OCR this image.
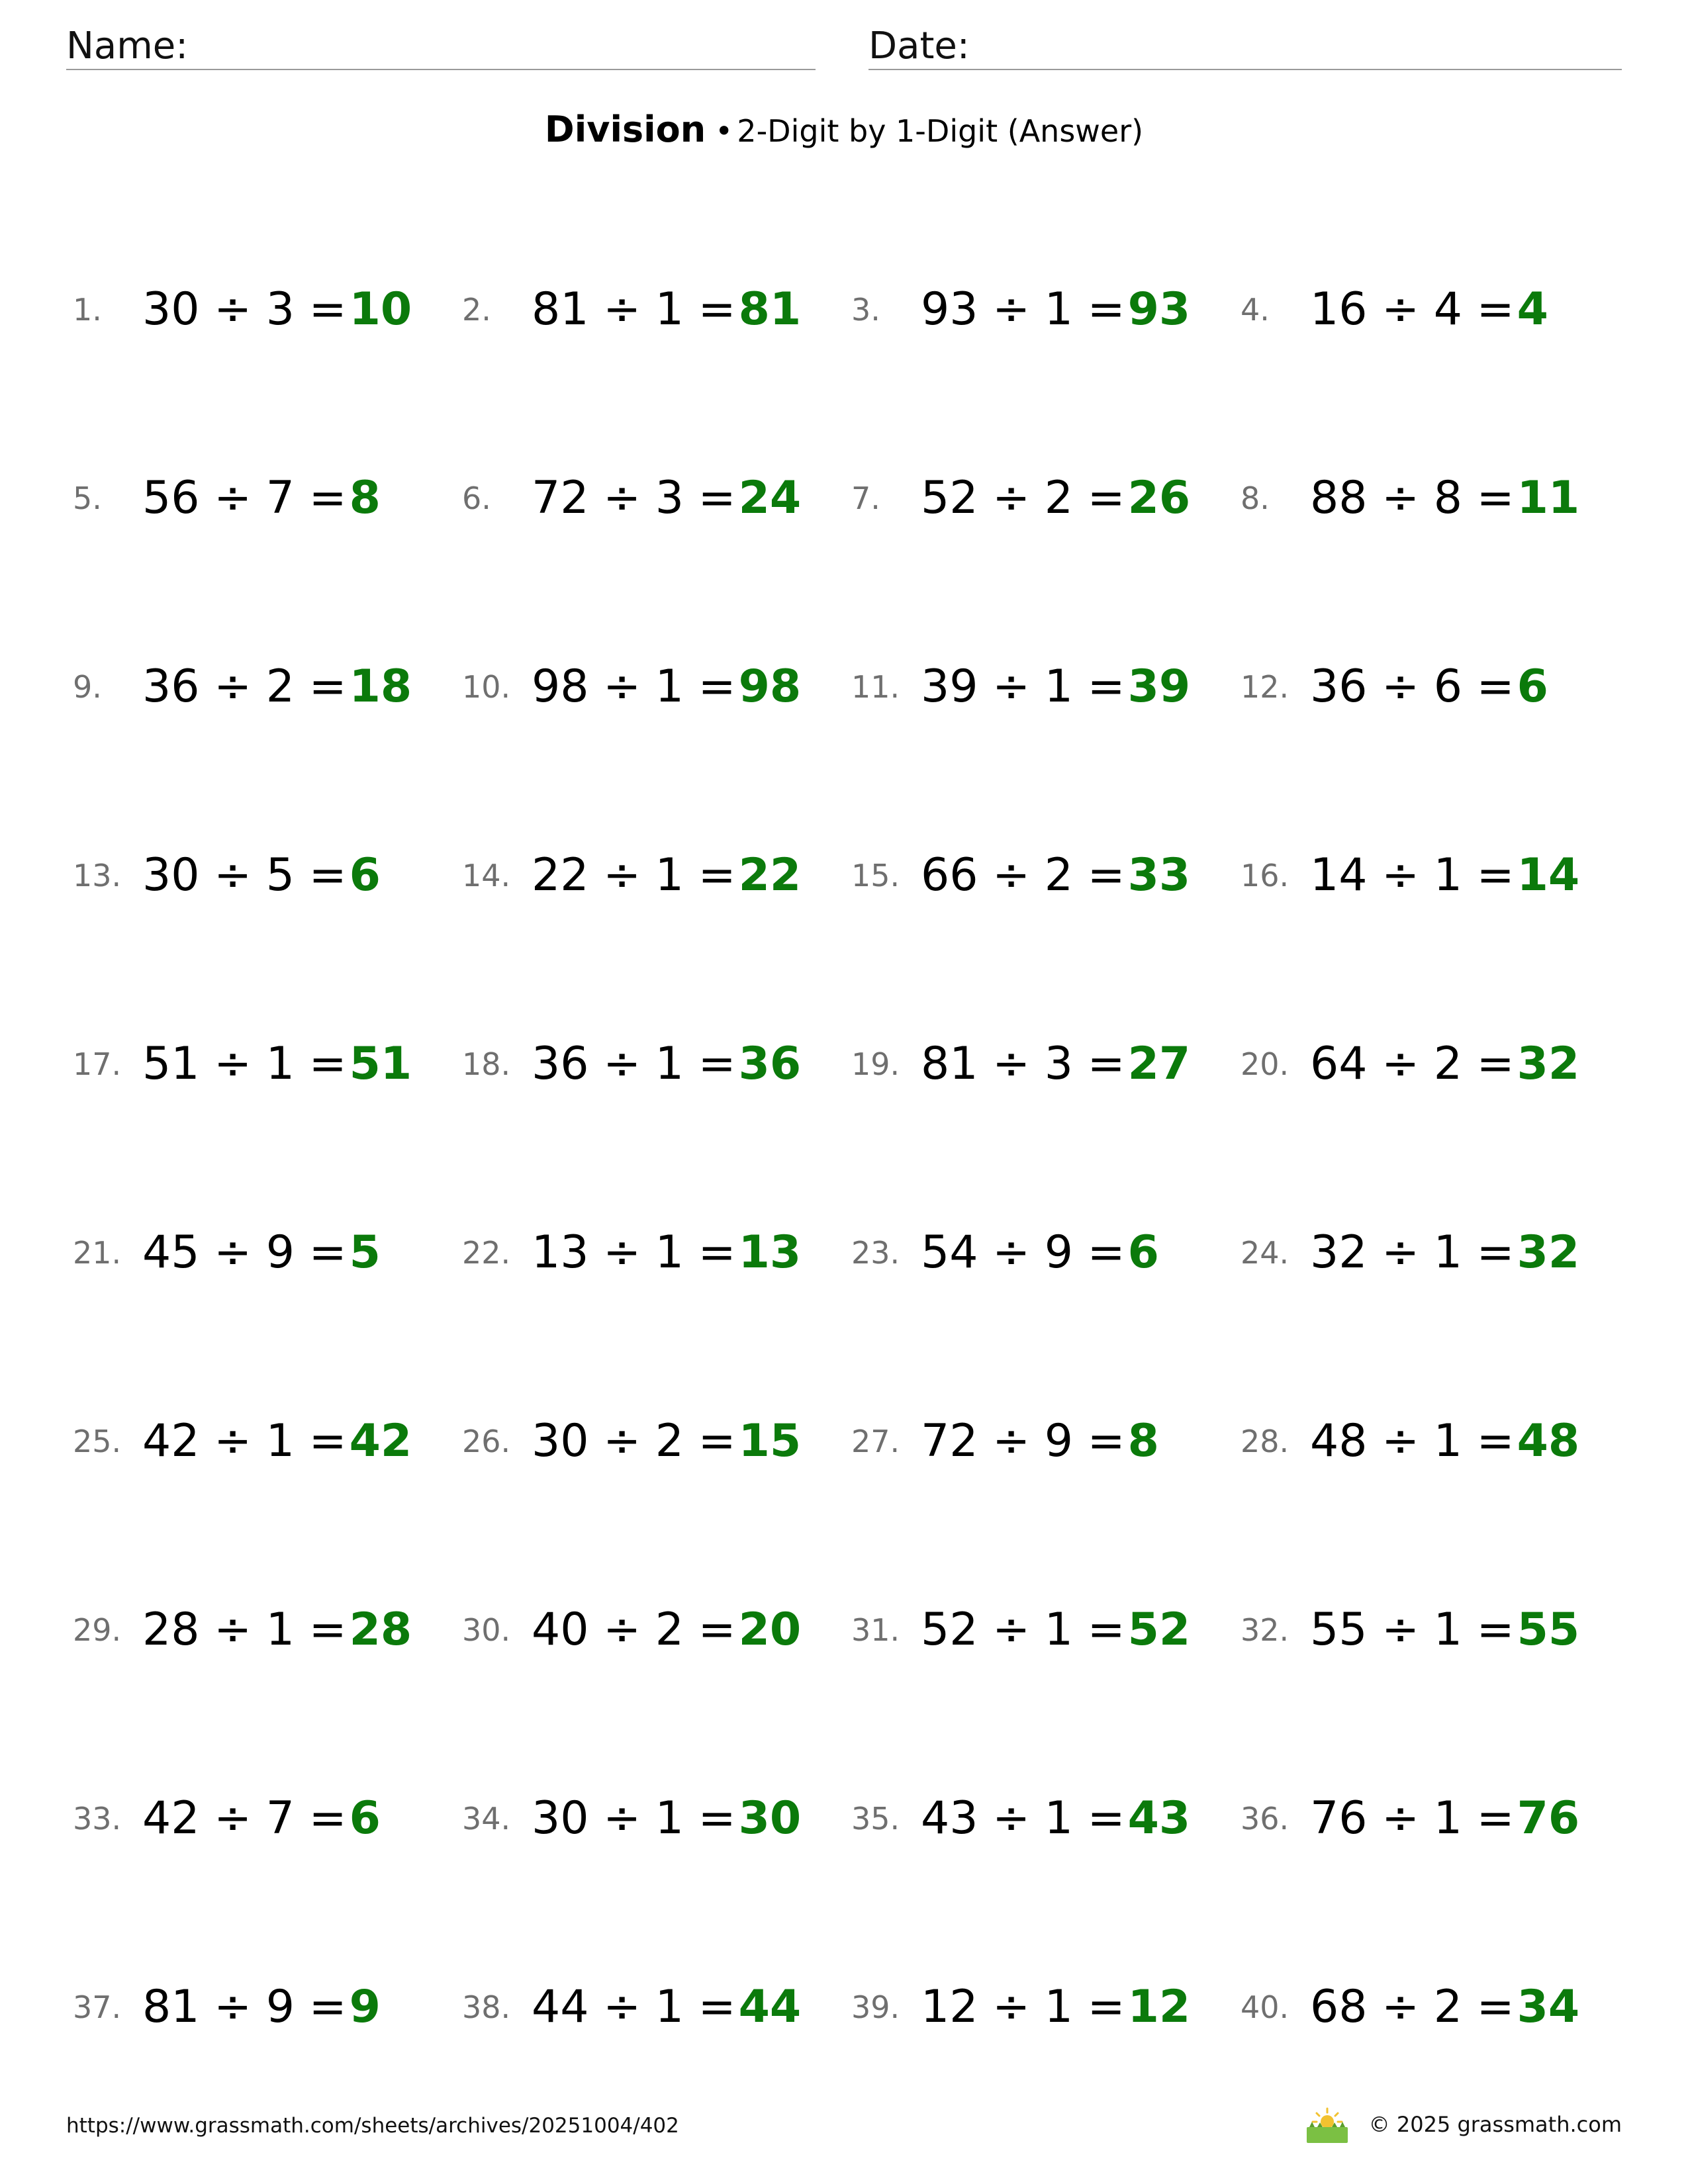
Name:	Date:
Division • 2-Digit by 1-Digit (Answer)
1. 30 ÷ 3 = 10 2. 81 ÷ 1 = 81 3. 93 ÷ 1 = 93 4. 16 ÷ 4 = 4
5. 56 ÷ 7 = 8	6. 72 ÷ 3 = 24 7. 52 ÷ 2 = 26 8. 88 ÷ 8 = 11
9. 36 ÷ 2 = 18 10. 98 ÷ 1 = 98 11. 39 ÷ 1 = 39 12. 36 ÷ 6 = 6
13. 30 ÷ 5 = 6	14. 22 ÷ 1 = 22 15. 66 ÷ 2 = 33 16. 14 ÷ 1 = 14
17. 51 ÷ 1 = 51 18. 36 ÷ 1 = 36 19. 81 ÷ 3 = 27 20. 64 ÷ 2 = 32
21. 45 ÷ 9 = 5	22. 13 ÷ 1 = 13 23. 54 ÷ 9 = 6	24. 32 ÷ 1 = 32
25. 42 ÷ 1 = 42 26. 30 ÷ 2 = 15 27. 72 ÷ 9 = 8	28. 48 ÷ 1 = 48
29. 28 ÷ 1 = 28 30. 40 ÷ 2 = 20 31. 52 ÷ 1 = 52 32. 55 ÷ 1 = 55
33. 42 ÷ 7 = 6	34. 30 ÷ 1 = 30 35. 43 ÷ 1 = 43 36. 76 ÷ 1 = 76
37. 81 ÷ 9 = 9	38. 44 ÷ 1 = 44 39. 12 ÷ 1 = 12 40. 68 ÷ 2 = 34
https://www.grassmath.com/sheets/archives/20251004/402	© 2025 grassmath.com
